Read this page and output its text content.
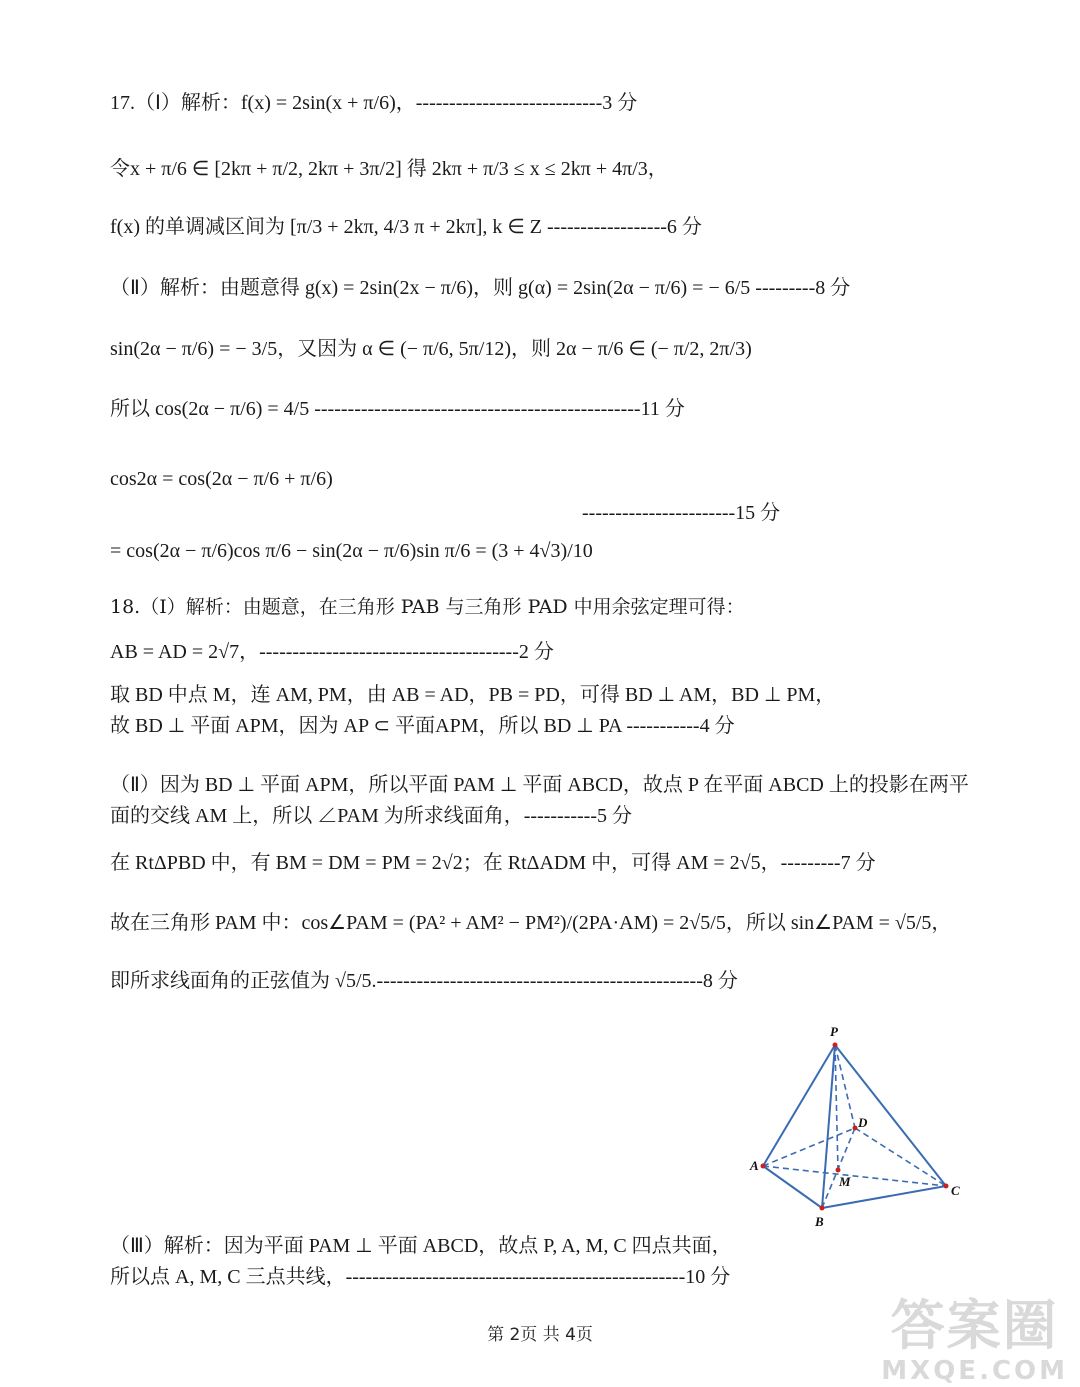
17.（Ⅰ）解析：f(x) = 2sin(x + π/6)，----------------------------3 分
令x + π/6 ∈ [2kπ + π/2, 2kπ + 3π/2] 得 2kπ + π/3 ≤ x ≤ 2kπ + 4π/3，
f(x) 的单调减区间为 [π/3 + 2kπ, 4/3 π + 2kπ], k ∈ Z ------------------6 分
（Ⅱ）解析：由题意得 g(x) = 2sin(2x − π/6)，则 g(α) = 2sin(2α − π/6) = − 6/5 ---------8 分
sin(2α − π/6) = − 3/5，又因为 α ∈ (− π/6, 5π/12)，则 2α − π/6 ∈ (− π/2, 2π/3)
所以 cos(2α − π/6) = 4/5 -------------------------------------------------11 分
cos2α = cos(2α − π/6 + π/6)
-----------------------15 分
= cos(2α − π/6)cos π/6 − sin(2α − π/6)sin π/6 = (3 + 4√3)/10
18.（Ⅰ）解析：由题意，在三角形 PAB 与三角形 PAD 中用余弦定理可得：
AB = AD = 2√7，---------------------------------------2 分
取 BD 中点 M，连 AM, PM，由 AB = AD，PB = PD，可得 BD ⊥ AM，BD ⊥ PM，
故 BD ⊥ 平面 APM，因为 AP ⊂ 平面APM，所以 BD ⊥ PA -----------4 分
（Ⅱ）因为 BD ⊥ 平面 APM，所以平面 PAM ⊥ 平面 ABCD，故点 P 在平面 ABCD 上的投影在两平
面的交线 AM 上，所以 ∠PAM 为所求线面角，-----------5 分
在 RtΔPBD 中，有 BM = DM = PM = 2√2；在 RtΔADM 中，可得 AM = 2√5，---------7 分
故在三角形 PAM 中：cos∠PAM = (PA² + AM² − PM²)/(2PA·AM) = 2√5/5，所以 sin∠PAM = √5/5，
即所求线面角的正弦值为 √5/5.-------------------------------------------------8 分
P
A
B
C
D
M
（Ⅲ）解析：因为平面 PAM ⊥ 平面 ABCD，故点 P, A, M, C 四点共面，
所以点 A, M, C 三点共线，---------------------------------------------------10 分
第 2页 共 4页	答案圈
MXQE.COM
